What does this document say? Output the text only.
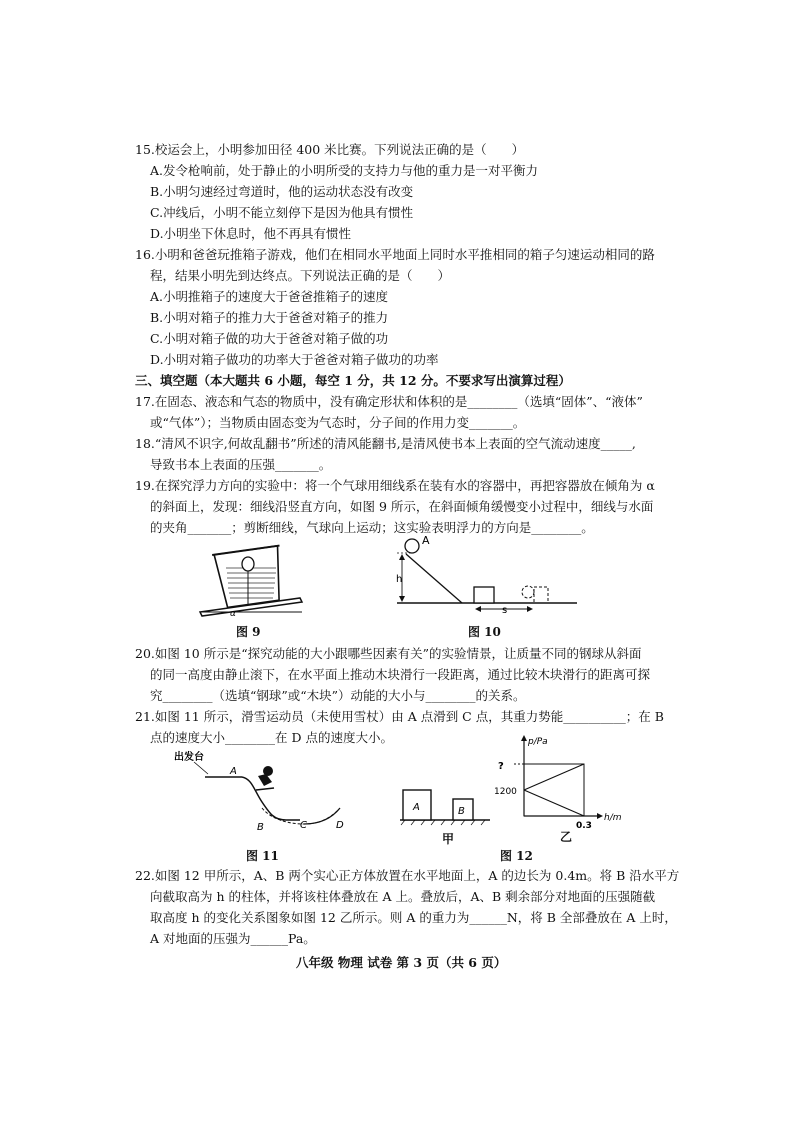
15.校运会上，小明参加田径 400 米比赛。下列说法正确的是（　　）
A.发令枪响前，处于静止的小明所受的支持力与他的重力是一对平衡力
B.小明匀速经过弯道时，他的运动状态没有改变
C.冲线后，小明不能立刻停下是因为他具有惯性
D.小明坐下休息时，他不再具有惯性
16.小明和爸爸玩推箱子游戏，他们在相同水平地面上同时水平推相同的箱子匀速运动相同的路
程，结果小明先到达终点。下列说法正确的是（　　）
A.小明推箱子的速度大于爸爸推箱子的速度
B.小明对箱子的推力大于爸爸对箱子的推力
C.小明对箱子做的功大于爸爸对箱子做的功
D.小明对箱子做功的功率大于爸爸对箱子做功的功率
三、填空题（本大题共 6 小题，每空 1 分，共 12 分。不要求写出演算过程）
17.在固态、液态和气态的物质中，没有确定形状和体积的是________（选填“固体”、“液体”
或“气体”）；当物质由固态变为气态时，分子间的作用力变_______。
18.“清风不识字,何故乱翻书”所述的清风能翻书,是清风使书本上表面的空气流动速度_____,
导致书本上表面的压强_______。
19.在探究浮力方向的实验中：将一个气球用细线系在装有水的容器中，再把容器放在倾角为 α
的斜面上，发现：细线沿竖直方向，如图 9 所示，在斜面倾角缓慢变小过程中，细线与水面
的夹角_______；剪断细线，气球向上运动；这实验表明浮力的方向是________。
α
图 9
A
h
s
图 10
20.如图 10 所示是“探究动能的大小跟哪些因素有关”的实验情景，让质量不同的钢球从斜面
的同一高度由静止滚下，在水平面上推动木块滑行一段距离，通过比较木块滑行的距离可探
究________（选填“钢球”或“木块”）动能的大小与________的关系。
21.如图 11 所示，滑雪运动员（未使用雪杖）由 A 点滑到 C 点，其重力势能__________；在 B
点的速度大小________在 D 点的速度大小。
出发台
A
B	C	D
图 11
A	B
甲
p/Pa
h/m
?
1200
0.3
乙
图 12
22.如图 12 甲所示，A、B 两个实心正方体放置在水平地面上，A 的边长为 0.4m。将 B 沿水平方
向截取高为 h 的柱体，并将该柱体叠放在 A 上。叠放后，A、B 剩余部分对地面的压强随截
取高度 h 的变化关系图象如图 12 乙所示。则 A 的重力为______N，将 B 全部叠放在 A 上时，
A 对地面的压强为______Pa。
八年级 物理 试卷 第 3 页（共 6 页）
